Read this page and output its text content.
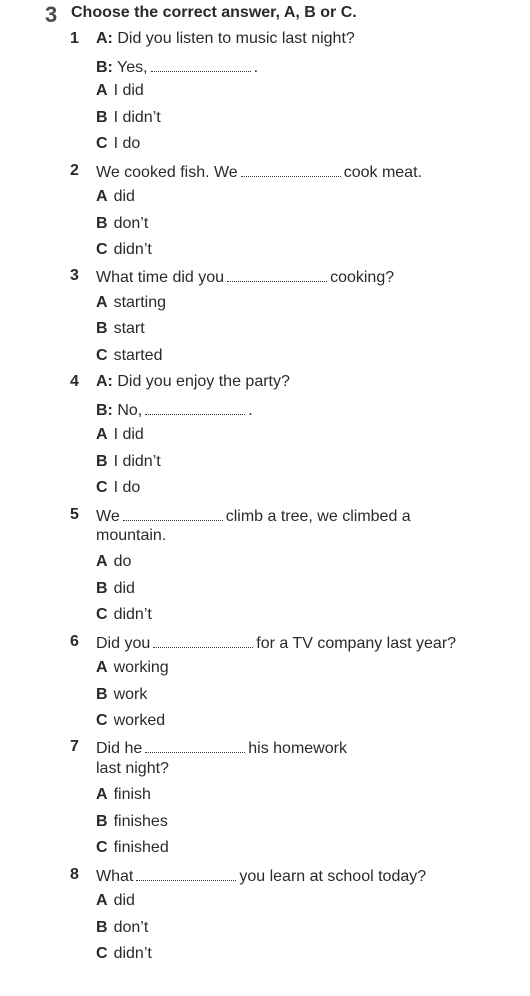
3 Choose the correct answer, A, B or C.
1 A: Did you listen to music last night?
B: Yes,	.
A I did
B I didn’t
C I do
2 We cooked fish. We	cook meat.
A did
B don’t
C didn’t
3 What time did you	cooking?
A starting
B start
C started
4 A: Did you enjoy the party?
B: No,	.
A I did
B I didn’t
C I do
5 We	climb a tree, we climbed a
mountain.
A do
B did
C didn’t
6 Did you	for a TV company last year?
A working
B work
C worked
7 Did he	his homework
last night?
A finish
B finishes
C finished
8 What	you learn at school today?
A did
B don’t
C didn’t
